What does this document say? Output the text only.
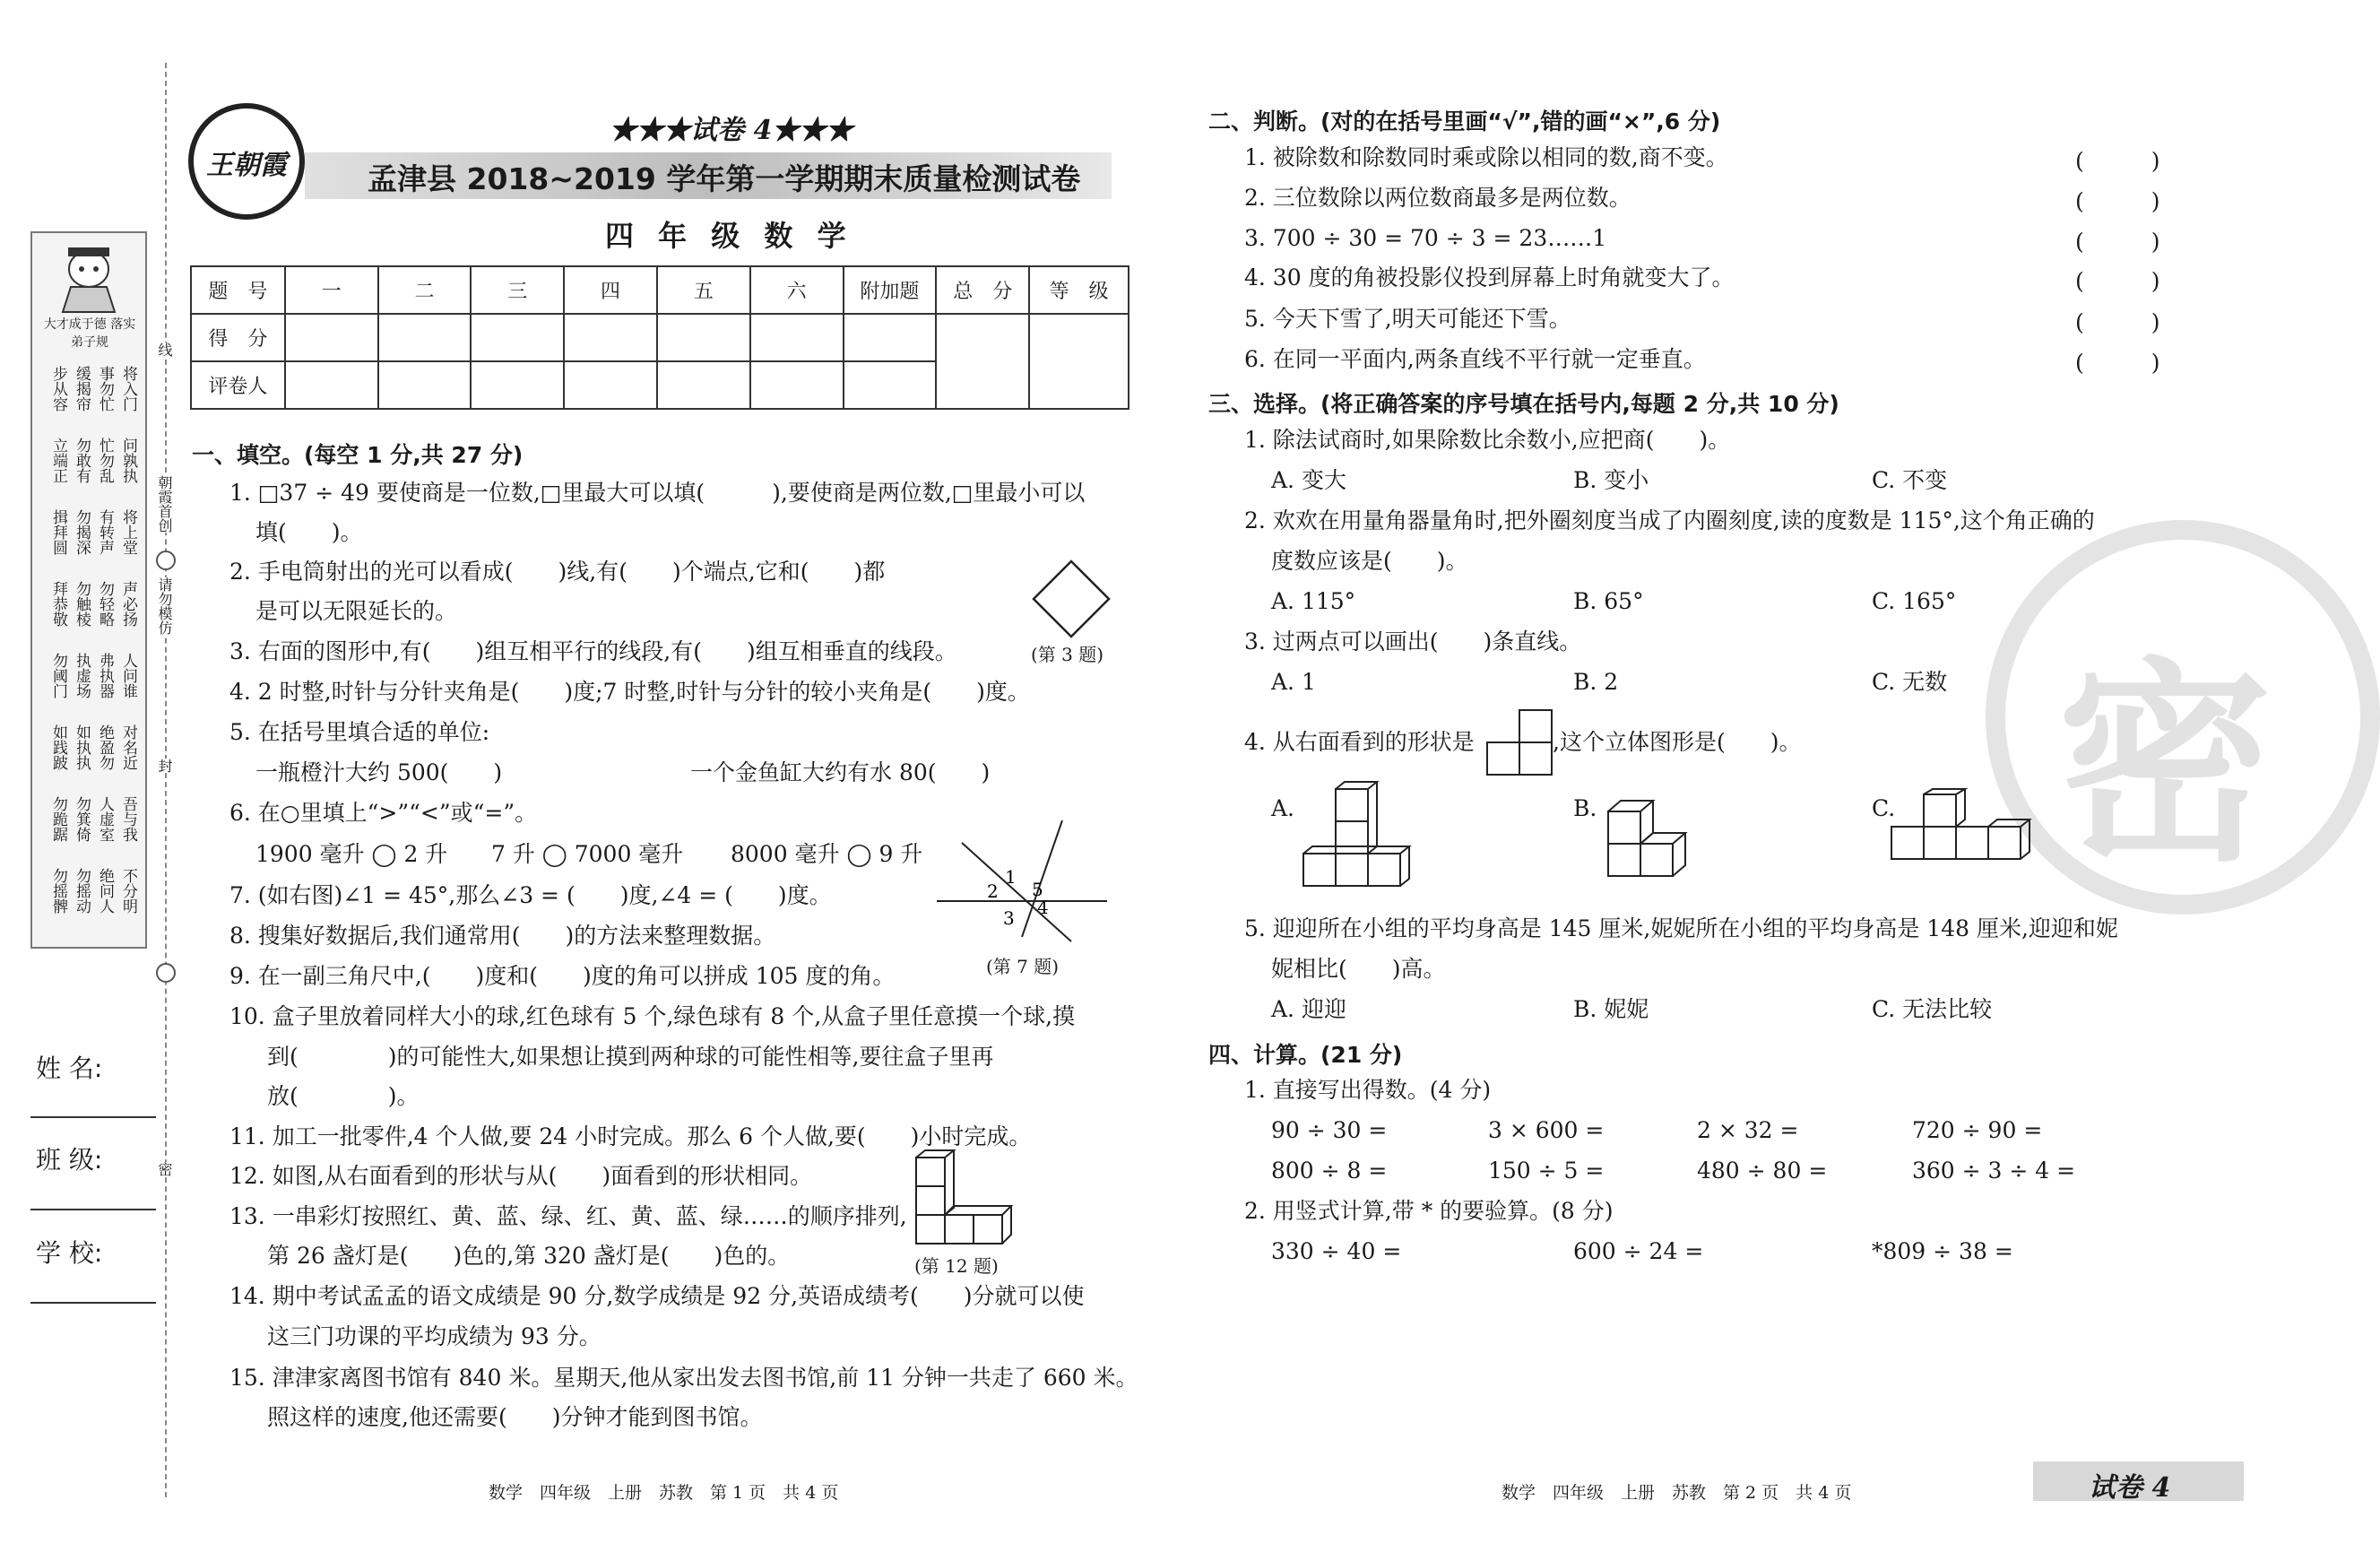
大才成于德 落实弟子规
将入门
事勿忙
缓揭帘
步从容
问孰执
忙勿乱
勿敢有
立端正
将上堂
有转声
勿揭深
揖拜圆
声必扬
勿轻略
勿触棱
拜恭敬
人问谁
弗执器
执虚场
勿阈门
对名近
绝盈勿
如执执
如践跛
吾与我
人虚室
勿箕倚
勿跪踞
不分明
绝问人
勿摇动
勿摇髀
线
朝霞首创
请勿模仿
封
密
姓 名:
班 级:
学 校:
王朝霞
★★★试卷 4★★★
孟津县 2018~2019 学年第一学期期末质量检测试卷
四 年 级 数 学
题　号	一	二	三	四	五	六	附加题	总　分	等　级
得　分									
评卷人									
一、填空。(每空 1 分,共 27 分)
1. □37 ÷ 49 要使商是一位数,□里最大可以填(　　　),要使商是两位数,□里最小可以
填(　　)。
2. 手电筒射出的光可以看成(　　)线,有(　　)个端点,它和(　　)都
是可以无限延长的。
3. 右面的图形中,有(　　)组互相平行的线段,有(　　)组互相垂直的线段。	(第 3 题)
4. 2 时整,时针与分针夹角是(　　)度;7 时整,时针与分针的较小夹角是(　　)度。
5. 在括号里填合适的单位:
一瓶橙汁大约 500(　　)	一个金鱼缸大约有水 80(　　)
6. 在○里填上“>”“<”或“=”。
1900 毫升 ◯ 2 升 7 升 ◯ 7000 毫升 8000 毫升 ◯ 9 升
7. (如右图)∠1 = 45°,那么∠3 = (　　)度,∠4 = (　　)度。
1
2
3 4
5
(第 7 题)
8. 搜集好数据后,我们通常用(　　)的方法来整理数据。
9. 在一副三角尺中,(　　)度和(　　)度的角可以拼成 105 度的角。
10. 盒子里放着同样大小的球,红色球有 5 个,绿色球有 8 个,从盒子里任意摸一个球,摸
到(　　　　)的可能性大,如果想让摸到两种球的可能性相等,要往盒子里再
放(　　　　)。
11. 加工一批零件,4 个人做,要 24 小时完成。那么 6 个人做,要(　　)小时完成。
12. 如图,从右面看到的形状与从(　　)面看到的形状相同。
(第 12 题)
13. 一串彩灯按照红、黄、蓝、绿、红、黄、蓝、绿……的顺序排列,
第 26 盏灯是(　　)色的,第 320 盏灯是(　　)色的。
14. 期中考试孟孟的语文成绩是 90 分,数学成绩是 92 分,英语成绩考(　　)分就可以使
这三门功课的平均成绩为 93 分。
15. 津津家离图书馆有 840 米。星期天,他从家出发去图书馆,前 11 分钟一共走了 660 米。
照这样的速度,他还需要(　　)分钟才能到图书馆。
数学　四年级　上册　苏教　第 1 页　共 4 页
密
二、判断。(对的在括号里画“√”,错的画“×”,6 分)
1. 被除数和除数同时乘或除以相同的数,商不变。	(　　　)
2. 三位数除以两位数商最多是两位数。	(　　　)
3. 700 ÷ 30 = 70 ÷ 3 = 23……1	(　　　)
4. 30 度的角被投影仪投到屏幕上时角就变大了。	(　　　)
5. 今天下雪了,明天可能还下雪。	(　　　)
6. 在同一平面内,两条直线不平行就一定垂直。	(　　　)
三、选择。(将正确答案的序号填在括号内,每题 2 分,共 10 分)
1. 除法试商时,如果除数比余数小,应把商(　　)。
A. 变大	B. 变小	C. 不变
2. 欢欢在用量角器量角时,把外圈刻度当成了内圈刻度,读的度数是 115°,这个角正确的
度数应该是(　　)。
A. 115°	B. 65°	C. 165°
3. 过两点可以画出(　　)条直线。
A. 1	B. 2	C. 无数
4. 从右面看到的形状是	,这个立体图形是(　　)。
A.	B.	C.
5. 迎迎所在小组的平均身高是 145 厘米,妮妮所在小组的平均身高是 148 厘米,迎迎和妮
妮相比(　　)高。
A. 迎迎	B. 妮妮	C. 无法比较
四、计算。(21 分)
1. 直接写出得数。(4 分)
90 ÷ 30 =	3 × 600 =	2 × 32 =	720 ÷ 90 =
800 ÷ 8 =	150 ÷ 5 =	480 ÷ 80 =	360 ÷ 3 ÷ 4 =
2. 用竖式计算,带 * 的要验算。(8 分)
330 ÷ 40 =	600 ÷ 24 =	*809 ÷ 38 =
数学　四年级　上册　苏教　第 2 页　共 4 页	试卷 4
